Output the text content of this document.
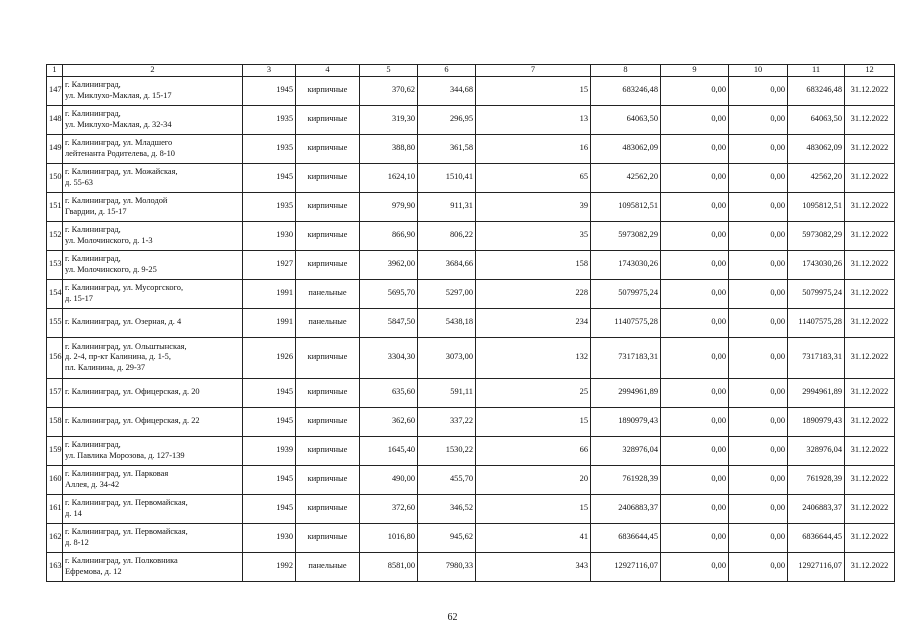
1	2	3	4	5	6	7	8	9	10	11	12
147	г. Калининград,
ул. Миклухо-Маклая, д. 15-17	1945	кирпичные	370,62	344,68	15	683246,48	0,00	0,00	683246,48	31.12.2022
148	г. Калининград,
ул. Миклухо-Маклая, д. 32-34	1935	кирпичные	319,30	296,95	13	64063,50	0,00	0,00	64063,50	31.12.2022
149	г. Калининград, ул. Младшего
лейтенанта Родителева, д. 8-10	1935	кирпичные	388,80	361,58	16	483062,09	0,00	0,00	483062,09	31.12.2022
150	г. Калининград, ул. Можайская,
д. 55-63	1945	кирпичные	1624,10	1510,41	65	42562,20	0,00	0,00	42562,20	31.12.2022
151	г. Калининград, ул. Молодой
Гвардии, д. 15-17	1935	кирпичные	979,90	911,31	39	1095812,51	0,00	0,00	1095812,51	31.12.2022
152	г. Калининград,
ул. Молочинского, д. 1-3	1930	кирпичные	866,90	806,22	35	5973082,29	0,00	0,00	5973082,29	31.12.2022
153	г. Калининград,
ул. Молочинского, д. 9-25	1927	кирпичные	3962,00	3684,66	158	1743030,26	0,00	0,00	1743030,26	31.12.2022
154	г. Калининград, ул. Мусоргского,
д. 15-17	1991	панельные	5695,70	5297,00	228	5079975,24	0,00	0,00	5079975,24	31.12.2022
155	г. Калининград, ул. Озерная, д. 4	1991	панельные	5847,50	5438,18	234	11407575,28	0,00	0,00	11407575,28	31.12.2022
156	г. Калининград, ул. Ольштынская,
д. 2-4, пр-кт Калинина, д. 1-5,
пл. Калинина, д. 29-37	1926	кирпичные	3304,30	3073,00	132	7317183,31	0,00	0,00	7317183,31	31.12.2022
157	г. Калининград, ул. Офицерская, д. 20	1945	кирпичные	635,60	591,11	25	2994961,89	0,00	0,00	2994961,89	31.12.2022
158	г. Калининград, ул. Офицерская, д. 22	1945	кирпичные	362,60	337,22	15	1890979,43	0,00	0,00	1890979,43	31.12.2022
159	г. Калининград,
ул. Павлика Морозова, д. 127-139	1939	кирпичные	1645,40	1530,22	66	328976,04	0,00	0,00	328976,04	31.12.2022
160	г. Калининград, ул. Парковая
Аллея, д. 34-42	1945	кирпичные	490,00	455,70	20	761928,39	0,00	0,00	761928,39	31.12.2022
161	г. Калининград, ул. Первомайская,
д. 14	1945	кирпичные	372,60	346,52	15	2406883,37	0,00	0,00	2406883,37	31.12.2022
162	г. Калининград, ул. Первомайская,
д. 8-12	1930	кирпичные	1016,80	945,62	41	6836644,45	0,00	0,00	6836644,45	31.12.2022
163	г. Калининград, ул. Полковника
Ефремова, д. 12	1992	панельные	8581,00	7980,33	343	12927116,07	0,00	0,00	12927116,07	31.12.2022
62
